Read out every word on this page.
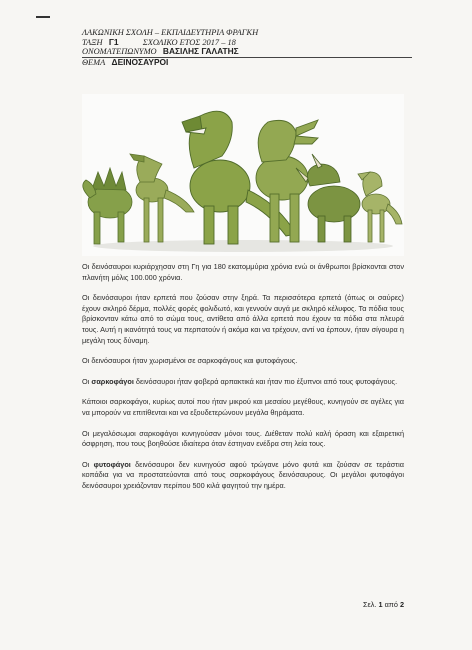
ΛΑΚΩΝΙΚΗ ΣΧΟΛΗ – ΕΚΠΑΙΔΕΥΤΗΡΙΑ ΦΡΑΓΚΗ
ΤΑΞΗ Γ1	ΣΧΟΛΙΚΟ ΕΤΟΣ 2017 – 18
ΟΝΟΜΑΤΕΠΩΝΥΜΟ ΒΑΣΙΛΗΣ ΓΑΛΑΤΗΣ
ΘΕΜΑ ΔΕΙΝΟΣΑΥΡΟΙ

Οι δεινόσαυροι κυριάρχησαν στη Γη για 180 εκατομμύρια χρόνια ενώ οι άνθρωποι βρίσκονται στον πλανήτη μόλις 100.000 χρόνια.

Οι δεινόσαυροι ήταν ερπετά που ζούσαν στην ξηρά. Τα περισσότερα ερπετά (όπως οι σαύρες) έχουν σκληρό δέρμα, πολλές φορές φολιδωτό, και γεννούν αυγά με σκληρό κέλυφος. Τα πόδια τους βρίσκονταν κάτω από το σώμα τους, αντίθετα από άλλα ερπετά που έχουν τα πόδια στα πλευρά τους. Αυτή η ικανότητά τους να περπατούν ή ακόμα και να τρέχουν, αντί να έρπουν, ήταν σίγουρα η μεγάλη τους δύναμη.

Οι δεινόσαυροι ήταν χωρισμένοι σε σαρκοφάγους και φυτοφάγους.

Οι σαρκοφάγοι δεινόσαυροι ήταν φοβερά αρπακτικά και ήταν πιο έξυπνοι από τους φυτοφάγους.

Κάποιοι σαρκοφάγοι, κυρίως αυτοί που ήταν μικρού και μεσαίου μεγέθους, κυνηγούν σε αγέλες για να μπορούν να επιτίθενται και να εξουδετερώνουν μεγάλα θηράματα.

Οι μεγαλόσωμοι σαρκοφάγοι κυνηγούσαν μόνοι τους. Διέθεταν πολύ καλή όραση και εξαιρετική όσφρηση, που τους βοηθούσε ιδιαίτερα όταν έστηναν ενέδρα στη λεία τους.

Οι φυτοφάγοι δεινόσαυροι δεν κυνηγούσ αφού τρώγανε μόνο φυτά και ζούσαν σε τεράστια κοπάδια για να προστατεύονται από τους σαρκοφάγους δεινόσαυρους. Οι μεγάλοι φυτοφάγοι δεινόσαυροι χρειάζονταν περίπου 500 κιλά φαγητού την ημέρα.

Σελ. 1 από 2
